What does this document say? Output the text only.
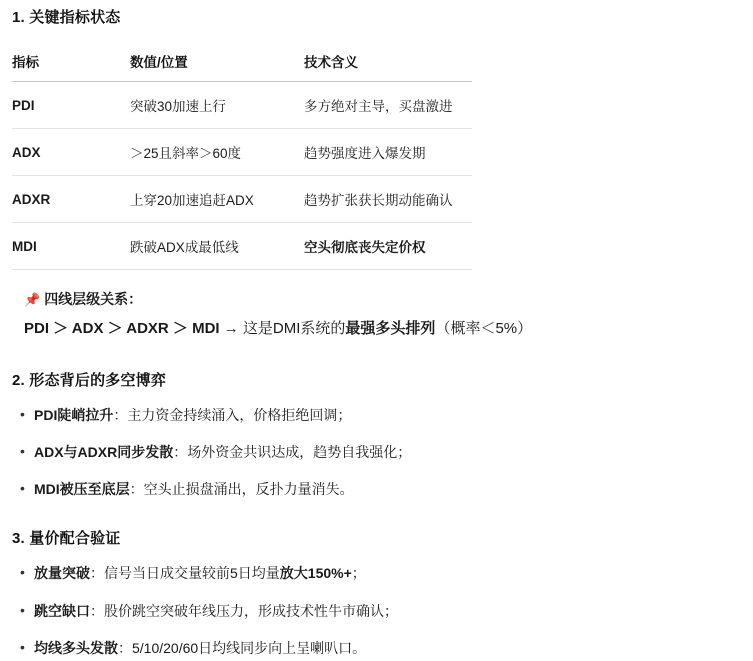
1. 关键指标状态
指标	数值/位置	技术含义
PDI	突破30加速上行	多方绝对主导，买盘激进
ADX	＞25且斜率＞60度	趋势强度进入爆发期
ADXR	上穿20加速追赶ADX	趋势扩张获长期动能确认
MDI	跌破ADX成最低线	空头彻底丧失定价权
📌 四线层级关系：
PDI ＞ ADX ＞ ADXR ＞ MDI → 这是DMI系统的最强多头排列（概率＜5%）
2. 形态背后的多空博弈
• PDI陡峭拉升：主力资金持续涌入，价格拒绝回调；
• ADX与ADXR同步发散：场外资金共识达成，趋势自我强化；
• MDI被压至底层：空头止损盘涌出，反扑力量消失。
3. 量价配合验证
• 放量突破：信号当日成交量较前5日均量放大150%+；
• 跳空缺口：股价跳空突破年线压力，形成技术性牛市确认；
• 均线多头发散：5/10/20/60日均线同步向上呈喇叭口。
